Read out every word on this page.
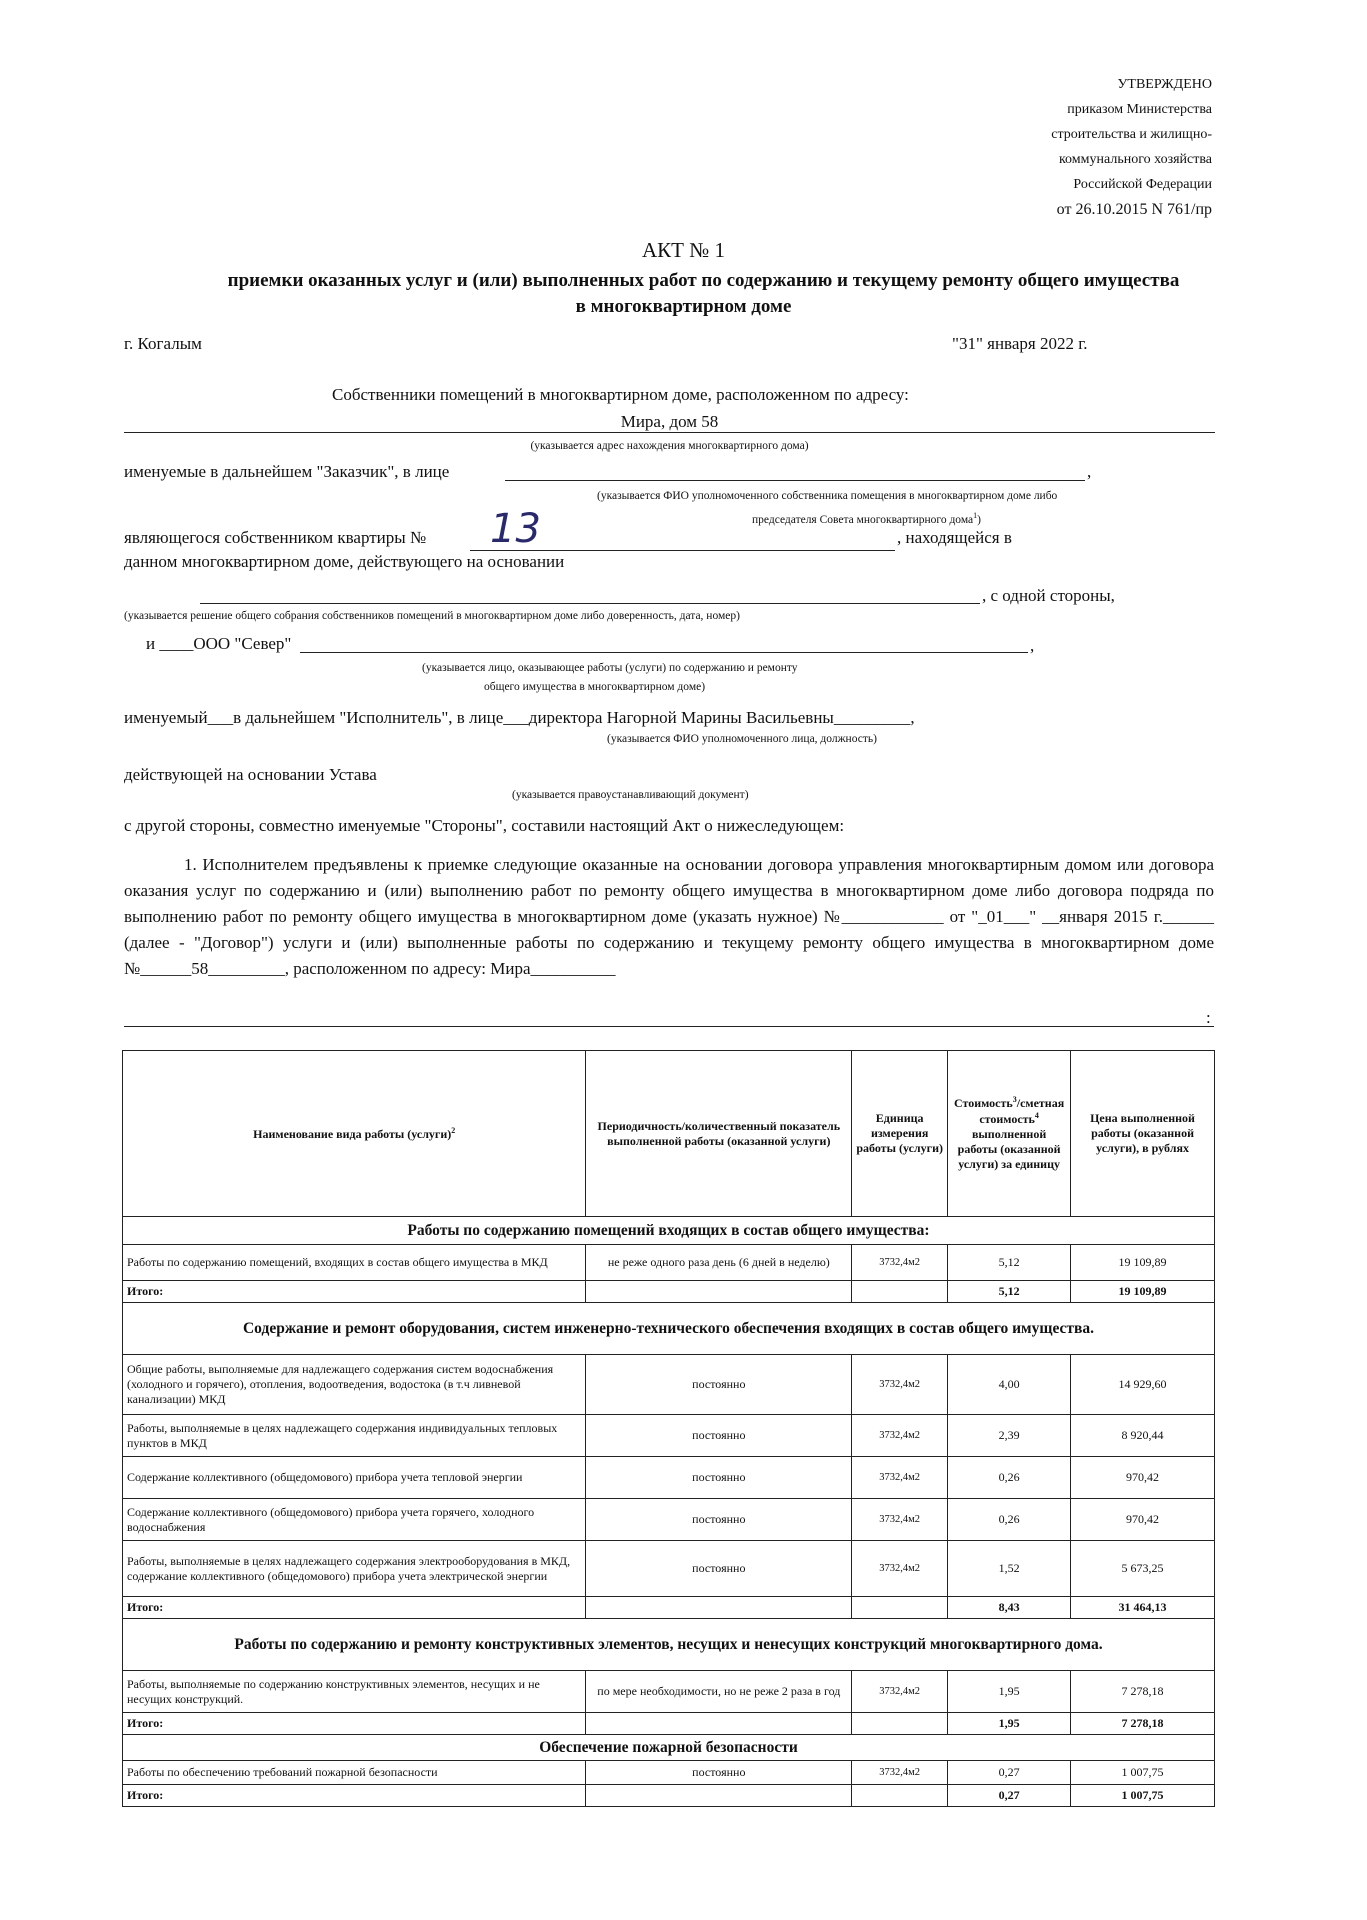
УТВЕРЖДЕНО
приказом Министерства
строительства и жилищно-
коммунального хозяйства
Российской Федерации
от 26.10.2015 N 761/пр
АКТ № 1
приемки оказанных услуг и (или) выполненных работ по содержанию и текущему ремонту общего имущества
в многоквартирном доме
г. Когалым	"31" января 2022 г.
Собственники помещений в многоквартирном доме, расположенном по адресу:
Мира, дом 58
(указывается адрес нахождения многоквартирного дома)
именуемые в дальнейшем "Заказчик", в лице	,
(указывается ФИО уполномоченного собственника помещения в многоквартирном доме либо
председателя Совета многоквартирного дома$^1$)
являющегося собственником квартиры № 13	, находящейся в
данном многоквартирном доме, действующего на основании
, с одной стороны,
(указывается решение общего собрания собственников помещений в многоквартирном доме либо доверенность, дата, номер)
и ____ООО "Север"	,
(указывается лицо, оказывающее работы (услуги) по содержанию и ремонту
общего имущества в многоквартирном доме)
именуемый___в дальнейшем "Исполнитель", в лице___директора Нагорной Марины Васильевны_________,
(указывается ФИО уполномоченного лица, должность)
действующей на основании Устава
(указывается правоустанавливающий документ)
с другой стороны, совместно именуемые "Стороны", составили настоящий Акт о нижеследующем:

1. Исполнителем предъявлены к приемке следующие оказанные на основании договора управления многоквартирным домом или договора оказания услуг по содержанию и (или) выполнению работ по ремонту общего имущества в многоквартирном доме либо договора подряда по выполнению работ по ремонту общего имущества в многоквартирном доме (указать нужное) №____________ от "_01___" __января 2015 г.______ (далее - "Договор") услуги и (или) выполненные работы по содержанию и текущему ремонту общего имущества в многоквартирном доме №______58_________, расположенном по адресу: Мира__________

:
Наименование вида работы (услуги)$^2$	Периодичность/количественный показатель выполненной работы (оказанной услуги)	Единица измерения работы (услуги)	Стоимость$^3$/сметная стоимость$^4$ выполненной работы (оказанной услуги) за единицу	Цена выполненной работы (оказанной услуги), в рублях
Работы по содержанию помещений входящих в состав общего имущества:				
Работы по содержанию помещений, входящих в состав общего имущества в МКД	не реже одного раза день (6 дней в неделю)	3732,4м2	5,12	19 109,89
Итого:			5,12	19 109,89
Содержание и ремонт оборудования, систем инженерно-технического обеспечения входящих в состав общего имущества.				
Общие работы, выполняемые для надлежащего содержания систем водоснабжения (холодного и горячего), отопления, водоотведения, водостока (в т.ч ливневой канализации) МКД	постоянно	3732,4м2	4,00	14 929,60
Работы, выполняемые в целях надлежащего содержания индивидуальных тепловых пунктов в МКД	постоянно	3732,4м2	2,39	8 920,44
Содержание коллективного (общедомового) прибора учета тепловой энергии	постоянно	3732,4м2	0,26	970,42
Содержание коллективного (общедомового) прибора учета горячего, холодного водоснабжения	постоянно	3732,4м2	0,26	970,42
Работы, выполняемые в целях надлежащего содержания электрооборудования в МКД, содержание коллективного (общедомового) прибора учета электрической энергии	постоянно	3732,4м2	1,52	5 673,25
Итого:			8,43	31 464,13
Работы по содержанию и ремонту конструктивных элементов, несущих и ненесущих конструкций многоквартирного дома.				
Работы, выполняемые по содержанию конструктивных элементов, несущих и не несущих конструкций.	по мере необходимости, но не реже 2 раза в год	3732,4м2	1,95	7 278,18
Итого:			1,95	7 278,18
Обеспечение пожарной безопасности				
Работы по обеспечению требований пожарной безопасности	постоянно	3732,4м2	0,27	1 007,75
Итого:			0,27	1 007,75
